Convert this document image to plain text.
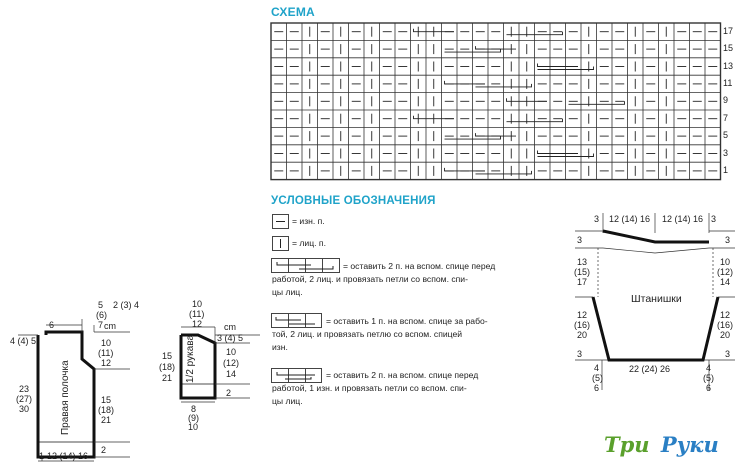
СХЕМА
17
15
13
11
9
7
5
3
1
УСЛОВНЫЕ ОБОЗНАЧЕНИЯ
= изн. п.
= лиц. п.
= оставить 2 п. на вспом. спице перед
работой, 2 лиц. и провязать петли со вспом. спи-
цы лиц.
= оставить 1 п. на вспом. спице за рабо-
той, 2 лиц. и провязать петлю со вспом. спицей
изн.
= оставить 2 п. на вспом. спице перед
работой, 1 изн. и провязать петли со вспом. спи-
цы лиц.
4 (4) 5
6
5
(6)
7
2 (3) 4
cm
10
(11)
12
15
(18)
21
2
23
(27)
30
1 12 (14) 16
Правая полочка
10
(11)
12 cm
3 (4) 5
10
(12)
14
2
15
(18)
21
8
(9)
10
1/2 рукава
3 12 (14) 16 12 (14) 16 3
3	3
13
(15)
17
10
(12)
14
12
(16)
20
12
(16)
20
3	3
4
(5)
6
4
(5)
6
22 (24) 26
Штанишки
Три Руки
